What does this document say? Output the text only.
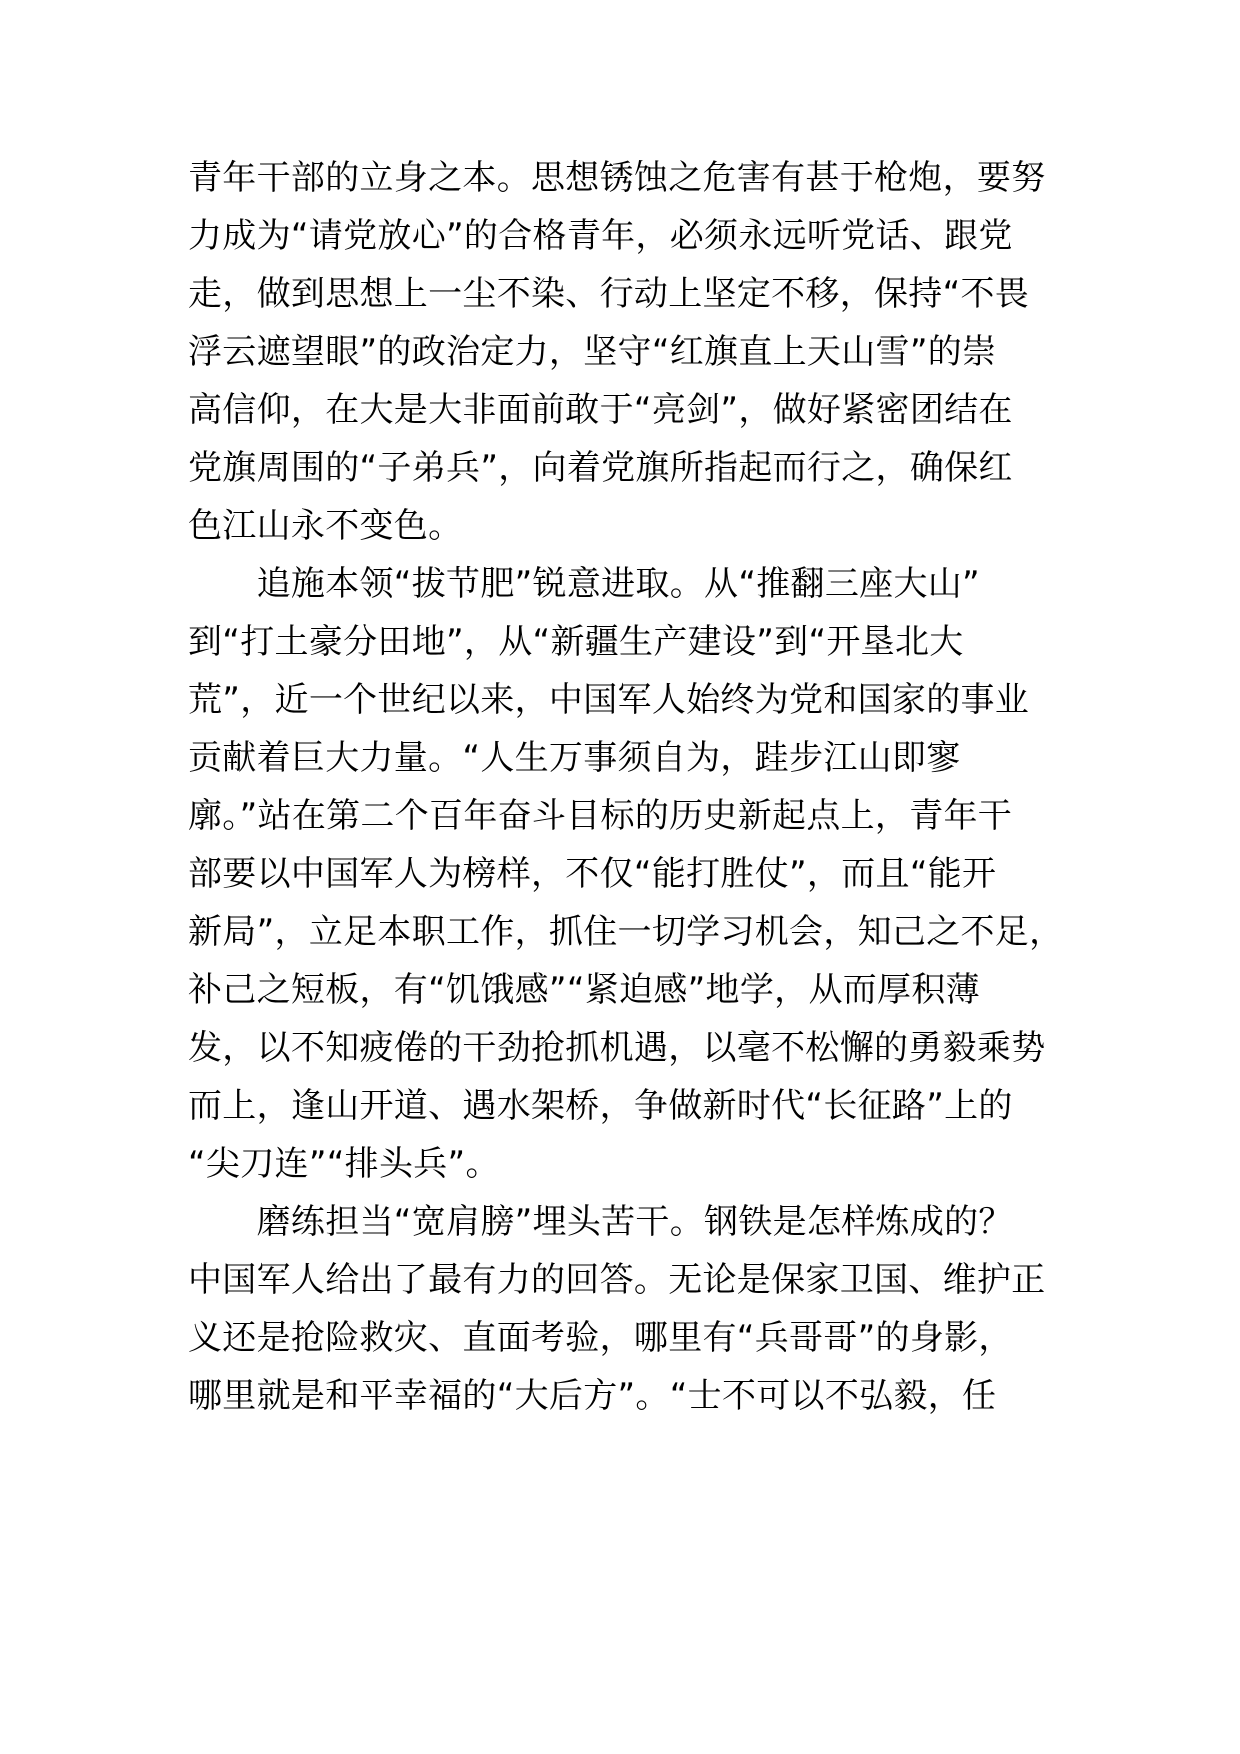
青年干部的立身之本。思想锈蚀之危害有甚于枪炮，要努
力成为“请党放心”的合格青年，必须永远听党话、跟党
走，做到思想上一尘不染、行动上坚定不移，保持“不畏
浮云遮望眼”的政治定力，坚守“红旗直上天山雪”的崇
高信仰，在大是大非面前敢于“亮剑”，做好紧密团结在
党旗周围的“子弟兵”，向着党旗所指起而行之，确保红
色江山永不变色。
　　追施本领“拔节肥”锐意进取。从“推翻三座大山”
到“打土豪分田地”，从“新疆生产建设”到“开垦北大
荒”，近一个世纪以来，中国军人始终为党和国家的事业
贡献着巨大力量。“人生万事须自为，跬步江山即寥
廓。”站在第二个百年奋斗目标的历史新起点上，青年干
部要以中国军人为榜样，不仅“能打胜仗”，而且“能开
新局”，立足本职工作，抓住一切学习机会，知己之不足，
补己之短板，有“饥饿感”“紧迫感”地学，从而厚积薄
发，以不知疲倦的干劲抢抓机遇，以毫不松懈的勇毅乘势
而上，逢山开道、遇水架桥，争做新时代“长征路”上的
“尖刀连”“排头兵”。
　　磨练担当“宽肩膀”埋头苦干。钢铁是怎样炼成的？
中国军人给出了最有力的回答。无论是保家卫国、维护正
义还是抢险救灾、直面考验，哪里有“兵哥哥”的身影，
哪里就是和平幸福的“大后方”。“士不可以不弘毅，任
